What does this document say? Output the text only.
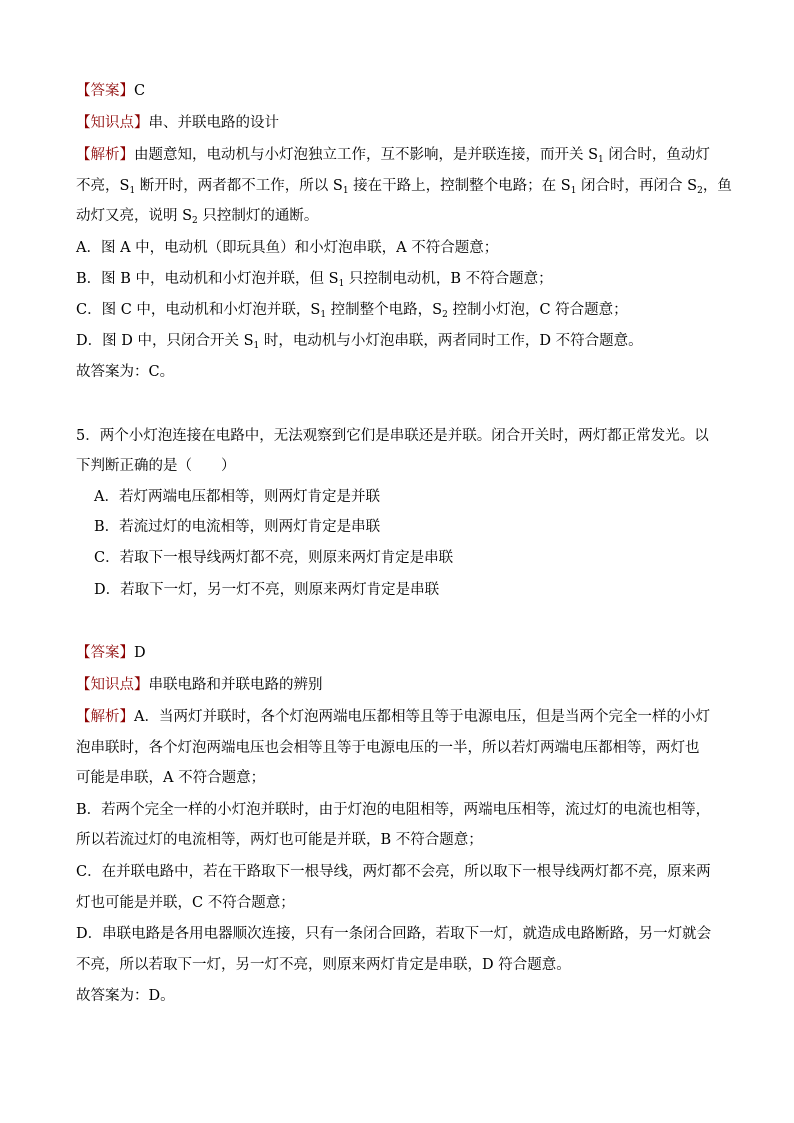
【答案】C
【知识点】串、并联电路的设计
【解析】由题意知，电动机与小灯泡独立工作，互不影响，是并联连接，而开关 $S_1$ 闭合时，鱼动灯
不亮，$S_1$ 断开时，两者都不工作，所以 $S_1$ 接在干路上，控制整个电路；在 $S_1$ 闭合时，再闭合 $S_2$，鱼
动灯又亮，说明 $S_2$ 只控制灯的通断。
A．图 A 中，电动机（即玩具鱼）和小灯泡串联，A 不符合题意；
B．图 B 中，电动机和小灯泡并联，但 $S_1$ 只控制电动机，B 不符合题意；
C．图 C 中，电动机和小灯泡并联，$S_1$ 控制整个电路，$S_2$ 控制小灯泡，C 符合题意；
D．图 D 中，只闭合开关 $S_1$ 时，电动机与小灯泡串联，两者同时工作，D 不符合题意。
故答案为：C。
5．两个小灯泡连接在电路中，无法观察到它们是串联还是并联。闭合开关时，两灯都正常发光。以
下判断正确的是（　　）
A．若灯两端电压都相等，则两灯肯定是并联
B．若流过灯的电流相等，则两灯肯定是串联
C．若取下一根导线两灯都不亮，则原来两灯肯定是串联
D．若取下一灯，另一灯不亮，则原来两灯肯定是串联
【答案】D
【知识点】串联电路和并联电路的辨别
【解析】A．当两灯并联时，各个灯泡两端电压都相等且等于电源电压，但是当两个完全一样的小灯
泡串联时，各个灯泡两端电压也会相等且等于电源电压的一半，所以若灯两端电压都相等，两灯也
可能是串联，A 不符合题意；
B．若两个完全一样的小灯泡并联时，由于灯泡的电阻相等，两端电压相等，流过灯的电流也相等，
所以若流过灯的电流相等，两灯也可能是并联，B 不符合题意；
C．在并联电路中，若在干路取下一根导线，两灯都不会亮，所以取下一根导线两灯都不亮，原来两
灯也可能是并联，C 不符合题意；
D．串联电路是各用电器顺次连接，只有一条闭合回路，若取下一灯，就造成电路断路，另一灯就会
不亮，所以若取下一灯，另一灯不亮，则原来两灯肯定是串联，D 符合题意。
故答案为：D。
